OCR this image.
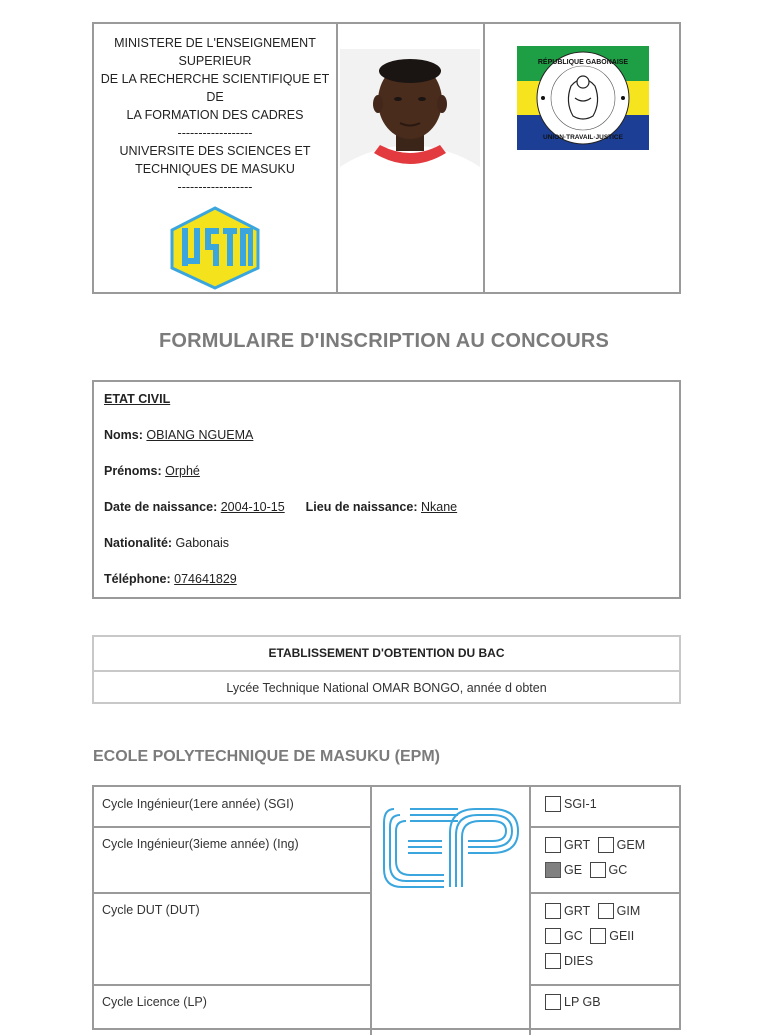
MINISTERE DE L'ENSEIGNEMENT
SUPERIEUR
DE LA RECHERCHE SCIENTIFIQUE ET DE
LA FORMATION DES CADRES
------------------
UNIVERSITE DES SCIENCES ET
TECHNIQUES DE MASUKU
------------------
USTM
RÉPUBLIQUE GABONAISE
UNION·TRAVAIL·JUSTICE
FORMULAIRE D'INSCRIPTION AU CONCOURS
ETAT CIVIL
Noms: OBIANG NGUEMA
Prénoms: Orphé
Date de naissance: 2004-10-15 Lieu de naissance: Nkane
Nationalité: Gabonais
Téléphone: 074641829
ETABLISSEMENT D'OBTENTION DU BAC
Lycée Technique National OMAR BONGO, année d obten
ECOLE POLYTECHNIQUE DE MASUKU (EPM)
Cycle Ingénieur(1ere année) (SGI)
Cycle Ingénieur(3ieme année) (Ing)
Cycle DUT (DUT)
Cycle Licence (LP)
EP
SGI-1
GRT
GEM
GE
GC
GRT
GIM
GC
GEII
DIES
LP GB
